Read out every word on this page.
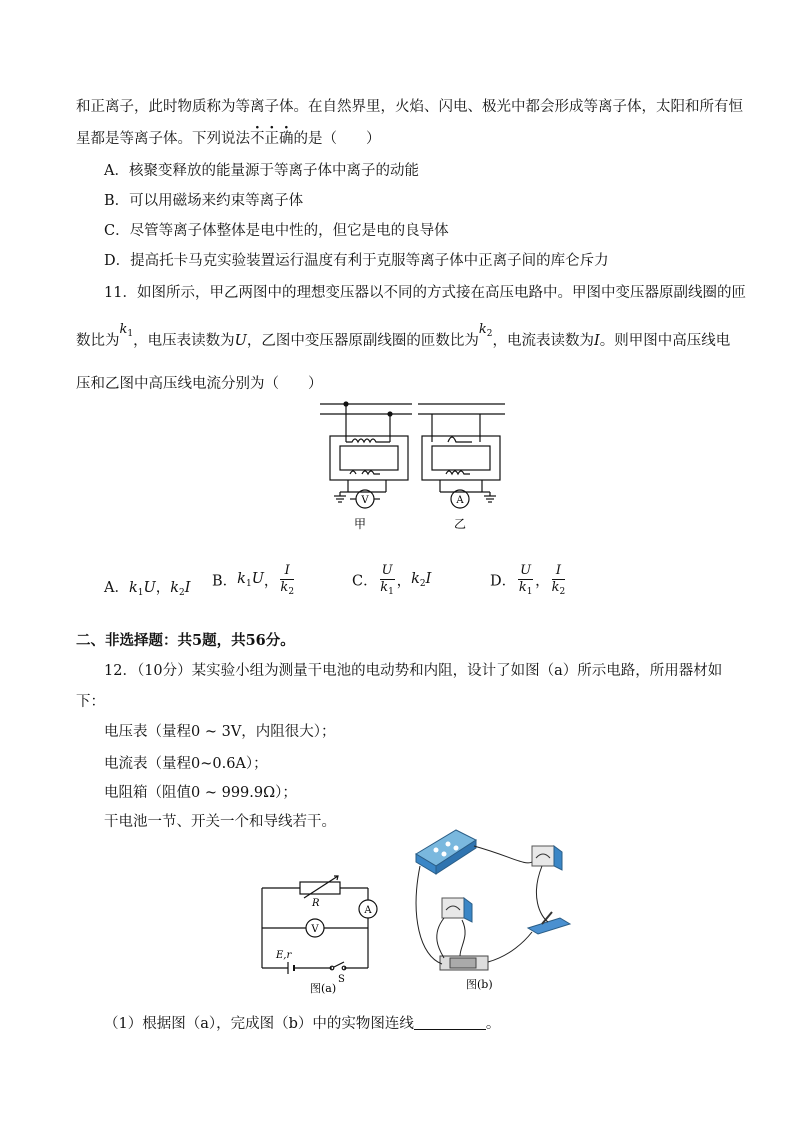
和正离子，此时物质称为等离子体。在自然界里，火焰、闪电、极光中都会形成等离子体，太阳和所有恒
星都是等离子体。下列说法不正确的是（　　）
A．核聚变释放的能量源于等离子体中离子的动能
B．可以用磁场来约束等离子体
C．尽管等离子体整体是电中性的，但它是电的良导体
D．提高托卡马克实验装置运行温度有利于克服等离子体中正离子间的库仑斥力
11．如图所示，甲乙两图中的理想变压器以不同的方式接在高压电路中。甲图中变压器原副线圈的匝
数比为$k_1$，电压表读数为U，乙图中变压器原副线圈的匝数比为$k_2$，电流表读数为I。则甲图中高压线电
压和乙图中高压线电流分别为（　　）
V	A
甲	乙
A．$k_1U$，$k_2I$ B．$k_1U$， $\frac{I}{k_2}$	C． $\frac{U}{k_1}$ ，$k_2I$	D． $\frac{U}{k_1}$ ， $\frac{I}{k_2}$
二、非选择题：共5题，共56分。
12．（10分）某实验小组为测量干电池的电动势和内阻，设计了如图（a）所示电路，所用器材如
下：
电压表（量程0 ~ 3V，内阻很大）；
电流表（量程0~0.6A）；
电阻箱（阻值0 ~ 999.9Ω）；
干电池一节、开关一个和导线若干。
A
V
R
E,r
S
图(a)	图(b)
（1）根据图（a），完成图（b）中的实物图连线	。
